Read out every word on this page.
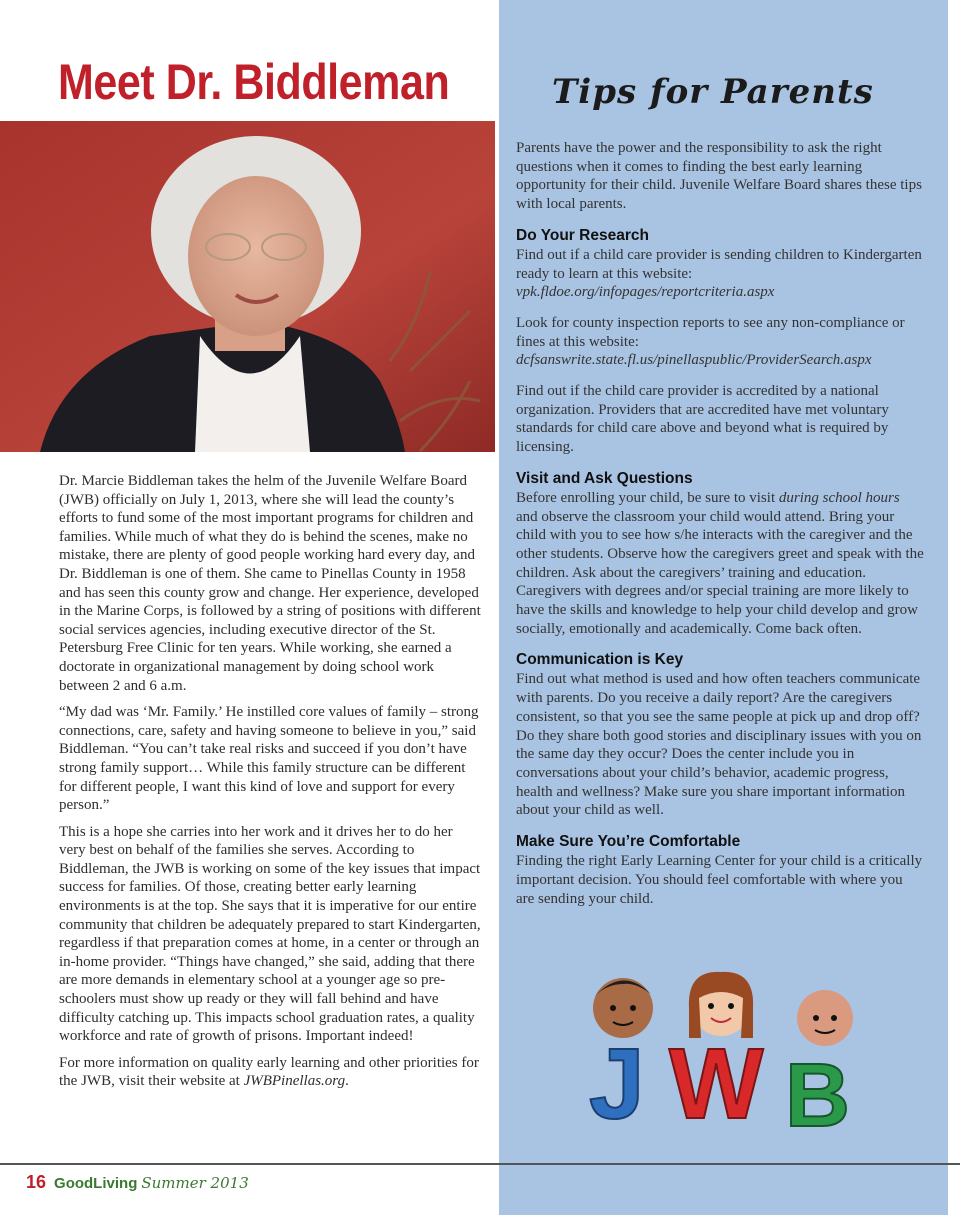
Meet Dr. Biddleman

Dr. Marcie Biddleman takes the helm of the Juvenile Welfare Board (JWB) officially on July 1, 2013, where she will lead the county’s efforts to fund some of the most important programs for children and families. While much of what they do is behind the scenes, make no mistake, there are plenty of good people working hard every day, and Dr. Biddleman is one of them. She came to Pinellas County in 1958 and has seen this county grow and change. Her experience, developed in the Marine Corps, is followed by a string of positions with different social services agencies, including executive director of the St. Petersburg Free Clinic for ten years. While working, she earned a doctorate in organizational management by doing school work between 2 and 6 a.m.

“My dad was ‘Mr. Family.’ He instilled core values of family – strong connections, care, safety and having someone to believe in you,” said Biddleman. “You can’t take real risks and succeed if you don’t have strong family support… While this family structure can be different for different people, I want this kind of love and support for every person.”

This is a hope she carries into her work and it drives her to do her very best on behalf of the families she serves. According to Biddleman, the JWB is working on some of the key issues that impact success for families. Of those, creating better early learning environments is at the top. She says that it is imperative for our entire community that children be adequately prepared to start Kindergarten, regardless if that preparation comes at home, in a center or through an in-home provider. “Things have changed,” she said, adding that there are more demands in elementary school at a younger age so pre-schoolers must show up ready or they will fall behind and have difficulty catching up. This impacts school graduation rates, a quality workforce and rate of growth of prisons. Important indeed!

For more information on quality early learning and other priorities for the JWB, visit their website at JWBPinellas.org.

Tips for Parents

Parents have the power and the responsibility to ask the right questions when it comes to finding the best early learning opportunity for their child. Juvenile Welfare Board shares these tips with local parents.

Do Your Research

Find out if a child care provider is sending children to Kindergarten ready to learn at this website:
vpk.fldoe.org/infopages/reportcriteria.aspx

Look for county inspection reports to see any non-compliance or fines at this website:
dcfsanswrite.state.fl.us/pinellaspublic/ProviderSearch.aspx

Find out if the child care provider is accredited by a national organization. Providers that are accredited have met voluntary standards for child care above and beyond what is required by licensing.

Visit and Ask Questions

Before enrolling your child, be sure to visit during school hours and observe the classroom your child would attend. Bring your child with you to see how s/he interacts with the caregiver and the other students. Observe how the caregivers greet and speak with the children. Ask about the caregivers’ training and education. Caregivers with degrees and/or special training are more likely to have the skills and knowledge to help your child develop and grow socially, emotionally and academically. Come back often.

Communication is Key

Find out what method is used and how often teachers communicate with parents. Do you receive a daily report? Are the caregivers consistent, so that you see the same people at pick up and drop off? Do they share both good stories and disciplinary issues with you on the same day they occur? Does the center include you in conversations about your child’s behavior, academic progress, health and wellness? Make sure you share important information about your child as well.

Make Sure You’re Comfortable

Finding the right Early Learning Center for your child is a critically important decision. You should feel comfortable with where you are sending your child.

J W B
16 GoodLiving Summer 2013
